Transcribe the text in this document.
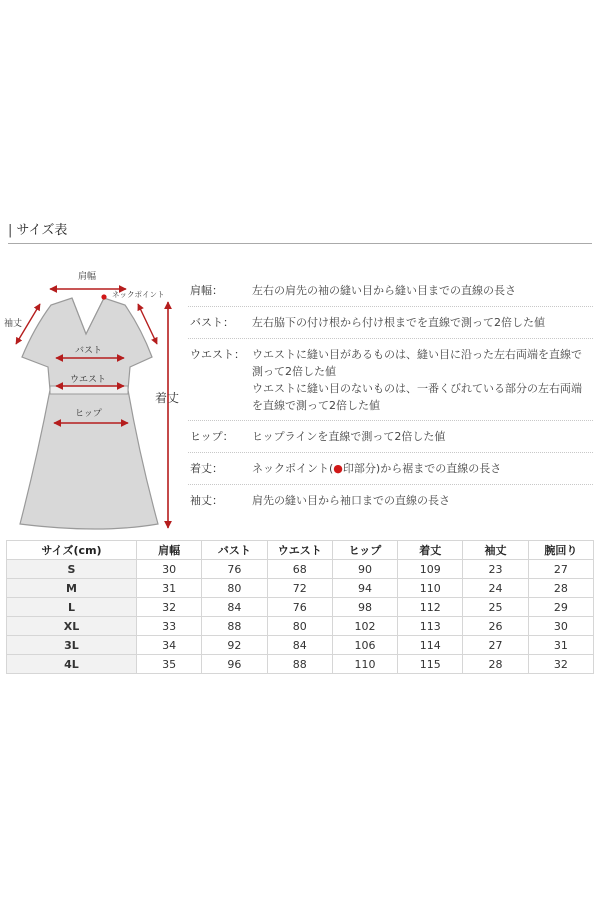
| サイズ表
肩幅
ネックポイント
袖丈
バスト
ウエスト
ヒップ
着丈
肩幅：	左右の肩先の袖の縫い目から縫い目までの直線の長さ
バスト： 左右脇下の付け根から付け根までを直線で測って2倍した値
ウエスト： ウエストに縫い目があるものは、縫い目に沿った左右両端を直線で
測って2倍した値
ウエストに縫い目のないものは、一番くびれている部分の左右両端
を直線で測って2倍した値
ヒップ： ヒップラインを直線で測って2倍した値
着丈：	ネックポイント(●印部分)から裾までの直線の長さ
袖丈：	肩先の縫い目から袖口までの直線の長さ
サイズ(cm)	肩幅	バスト	ウエスト	ヒップ	着丈	袖丈	腕回り
S	30	76	68	90	109	23	27
M	31	80	72	94	110	24	28
L	32	84	76	98	112	25	29
XL	33	88	80	102	113	26	30
3L	34	92	84	106	114	27	31
4L	35	96	88	110	115	28	32
